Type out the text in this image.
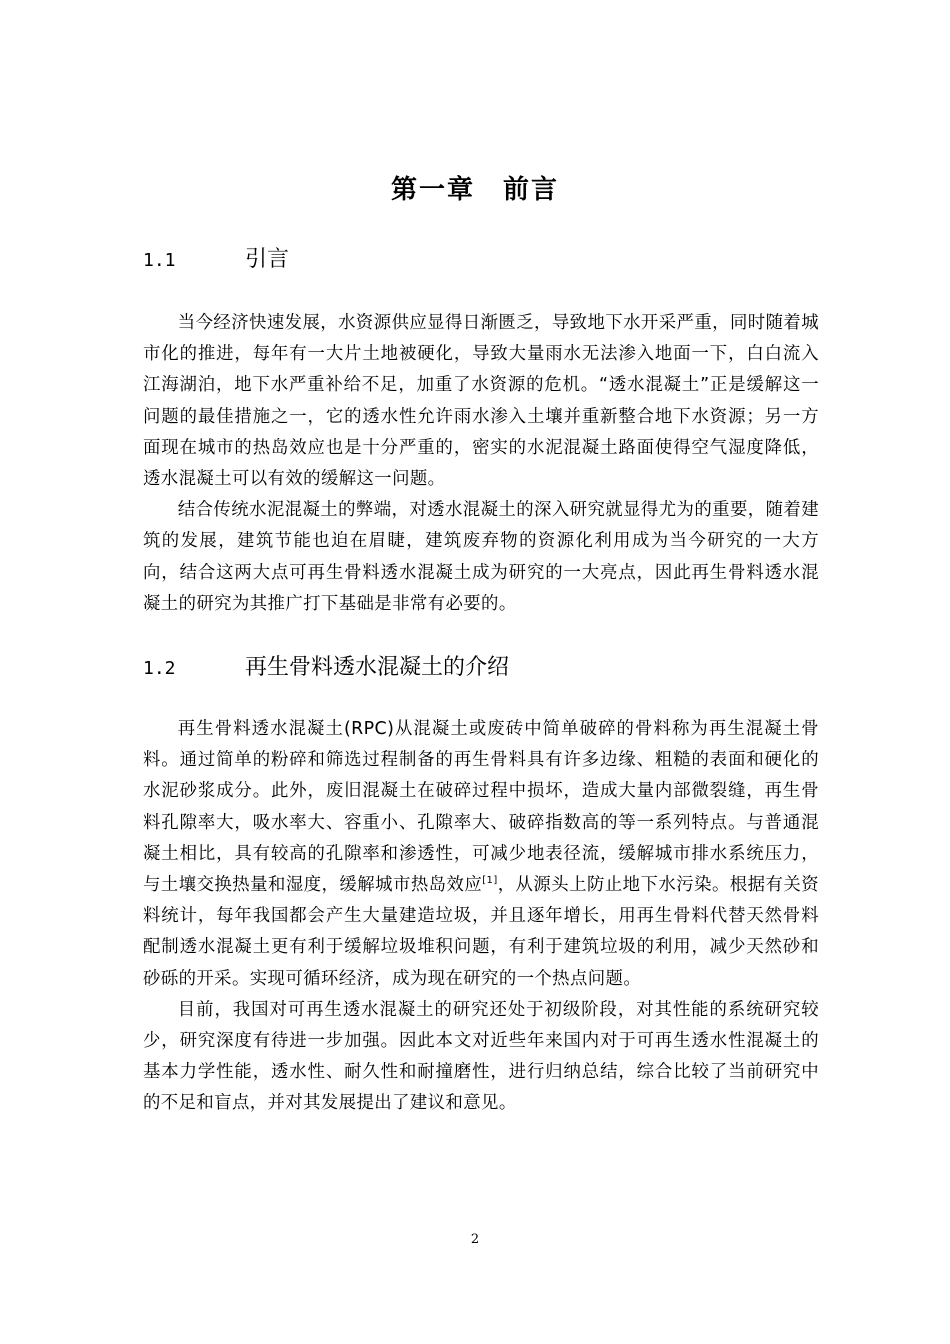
第一章　前言
1.1	引言

当今经济快速发展，水资源供应显得日渐匮乏，导致地下水开采严重，同时随着城市化的推进，每年有一大片土地被硬化，导致大量雨水无法渗入地面一下，白白流入江海湖泊，地下水严重补给不足，加重了水资源的危机。“透水混凝土”正是缓解这一问题的最佳措施之一，它的透水性允许雨水渗入土壤并重新整合地下水资源；另一方面现在城市的热岛效应也是十分严重的，密实的水泥混凝土路面使得空气湿度降低，透水混凝土可以有效的缓解这一问题。

结合传统水泥混凝土的弊端，对透水混凝土的深入研究就显得尤为的重要，随着建筑的发展，建筑节能也迫在眉睫，建筑废弃物的资源化利用成为当今研究的一大方向，结合这两大点可再生骨料透水混凝土成为研究的一大亮点，因此再生骨料透水混凝土的研究为其推广打下基础是非常有必要的。

1.2	再生骨料透水混凝土的介绍

再生骨料透水混凝土(RPC)从混凝土或废砖中简单破碎的骨料称为再生混凝土骨料。通过简单的粉碎和筛选过程制备的再生骨料具有许多边缘、粗糙的表面和硬化的水泥砂浆成分。此外，废旧混凝土在破碎过程中损坏，造成大量内部微裂缝，再生骨料孔隙率大，吸水率大、容重小、孔隙率大、破碎指数高的等一系列特点。与普通混凝土相比，具有较高的孔隙率和渗透性，可减少地表径流，缓解城市排水系统压力，与土壤交换热量和湿度，缓解城市热岛效应[1]，从源头上防止地下水污染。根据有关资料统计，每年我国都会产生大量建造垃圾，并且逐年增长，用再生骨料代替天然骨料配制透水混凝土更有利于缓解垃圾堆积问题，有利于建筑垃圾的利用，减少天然砂和砂砾的开采。实现可循环经济，成为现在研究的一个热点问题。

目前，我国对可再生透水混凝土的研究还处于初级阶段，对其性能的系统研究较少，研究深度有待进一步加强。因此本文对近些年来国内对于可再生透水性混凝土的基本力学性能，透水性、耐久性和耐撞磨性，进行归纳总结，综合比较了当前研究中的不足和盲点，并对其发展提出了建议和意见。

2
